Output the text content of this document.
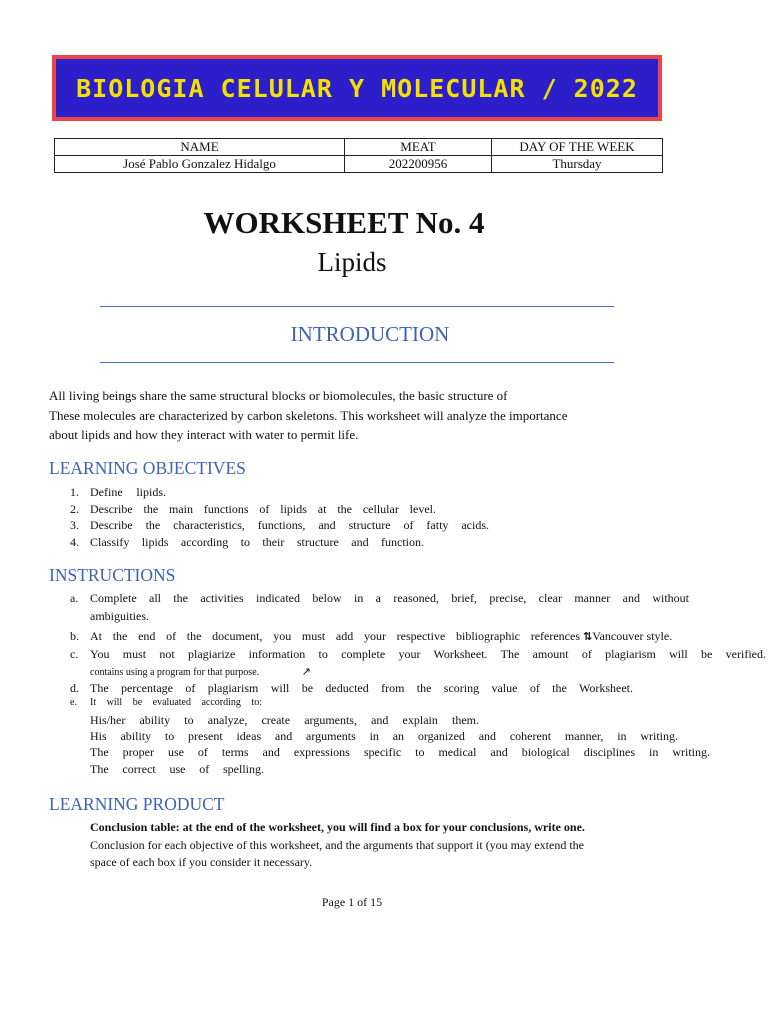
BIOLOGIA CELULAR Y MOLECULAR / 2022
NAME	MEAT	DAY OF THE WEEK
José Pablo Gonzalez Hidalgo	202200956	Thursday
WORKSHEET No. 4
Lipids
INTRODUCTION
All living beings share the same structural blocks or biomolecules, the basic structure of
These molecules are characterized by carbon skeletons. This worksheet will analyze the importance
about lipids and how they interact with water to permit life.
LEARNING OBJECTIVES
1. Define lipids.
2. Describe the main functions of lipids at the cellular level.
3. Describe the characteristics, functions, and structure of fatty acids.
4. Classify lipids according to their structure and function.
INSTRUCTIONS
a. Complete all the activities indicated below in a reasoned, brief, precise, clear manner and without
ambiguities.
b. At the end of the document, you must add your respective bibliographic references ⇅Vancouver style.
c. You must not plagiarize information to complete your Worksheet. The amount of plagiarism will be verified.
contains using a program for that purpose.	↗
d. The percentage of plagiarism will be deducted from the scoring value of the Worksheet.
e. It will be evaluated according to:
His/her ability to analyze, create arguments, and explain them.
His ability to present ideas and arguments in an organized and coherent manner, in writing.
The proper use of terms and expressions specific to medical and biological disciplines in writing.
The correct use of spelling.
LEARNING PRODUCT
Conclusion table: at the end of the worksheet, you will find a box for your conclusions, write one.
Conclusion for each objective of this worksheet, and the arguments that support it (you may extend the
space of each box if you consider it necessary.
Page 1 of 15
